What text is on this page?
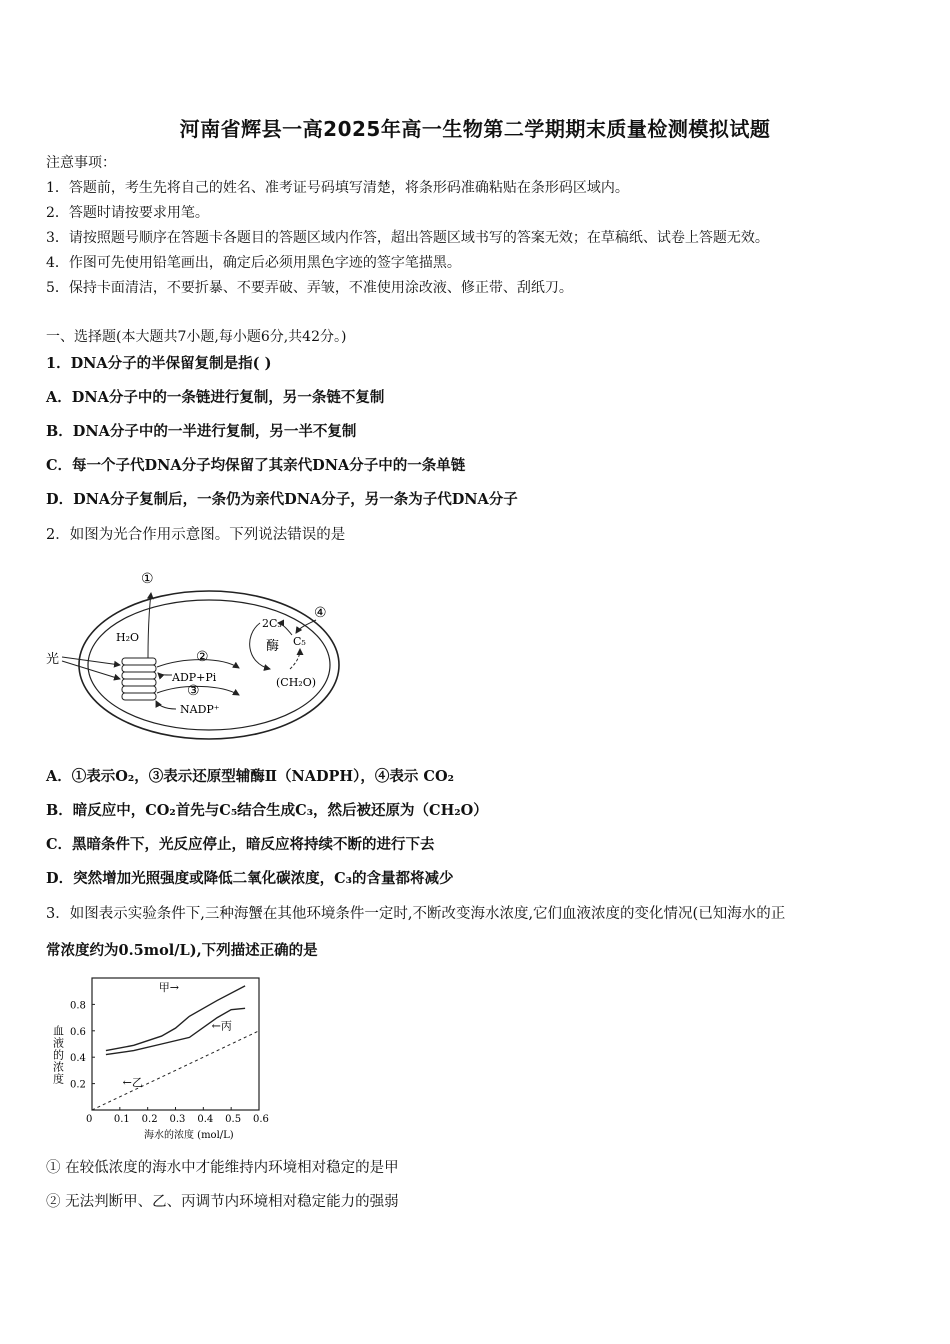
河南省辉县一高2025年高一生物第二学期期末质量检测模拟试题
注意事项：
1．答题前，考生先将自己的姓名、准考证号码填写清楚，将条形码准确粘贴在条形码区域内。
2．答题时请按要求用笔。
3．请按照题号顺序在答题卡各题目的答题区域内作答，超出答题区域书写的答案无效；在草稿纸、试卷上答题无效。
4．作图可先使用铅笔画出，确定后必须用黑色字迹的签字笔描黑。
5．保持卡面清洁，不要折暴、不要弄破、弄皱，不准使用涂改液、修正带、刮纸刀。
一、选择题(本大题共7小题,每小题6分,共42分。)
1．DNA分子的半保留复制是指( )
A．DNA分子中的一条链进行复制，另一条链不复制
B．DNA分子中的一半进行复制，另一半不复制
C．每一个子代DNA分子均保留了其亲代DNA分子中的一条单链
D．DNA分子复制后，一条仍为亲代DNA分子，另一条为子代DNA分子
2．如图为光合作用示意图。下列说法错误的是
光
①
H₂O
②
ADP+Pi
③
NADP⁺
2C₃
C₅
酶
(CH₂O)
④
A．①表示O₂，③表示还原型辅酶Ⅱ（NADPH），④表示 CO₂
B．暗反应中，CO₂首先与C₅结合生成C₃，然后被还原为（CH₂O）
C．黑暗条件下，光反应停止，暗反应将持续不断的进行下去
D．突然增加光照强度或降低二氧化碳浓度，C₃的含量都将减少
3．如图表示实验条件下,三种海蟹在其他环境条件一定时,不断改变海水浓度,它们血液浓度的变化情况(已知海水的正
常浓度约为0.5mol/L),下列描述正确的是
血液的浓度
海水的浓度 (mol/L)
0 0.1 0.2 0.3 0.4 0.5 0.6
0.2
0.4
0.6
0.8
甲→
←乙
←丙
① 在较低浓度的海水中才能维持内环境相对稳定的是甲
② 无法判断甲、乙、丙调节内环境相对稳定能力的强弱
